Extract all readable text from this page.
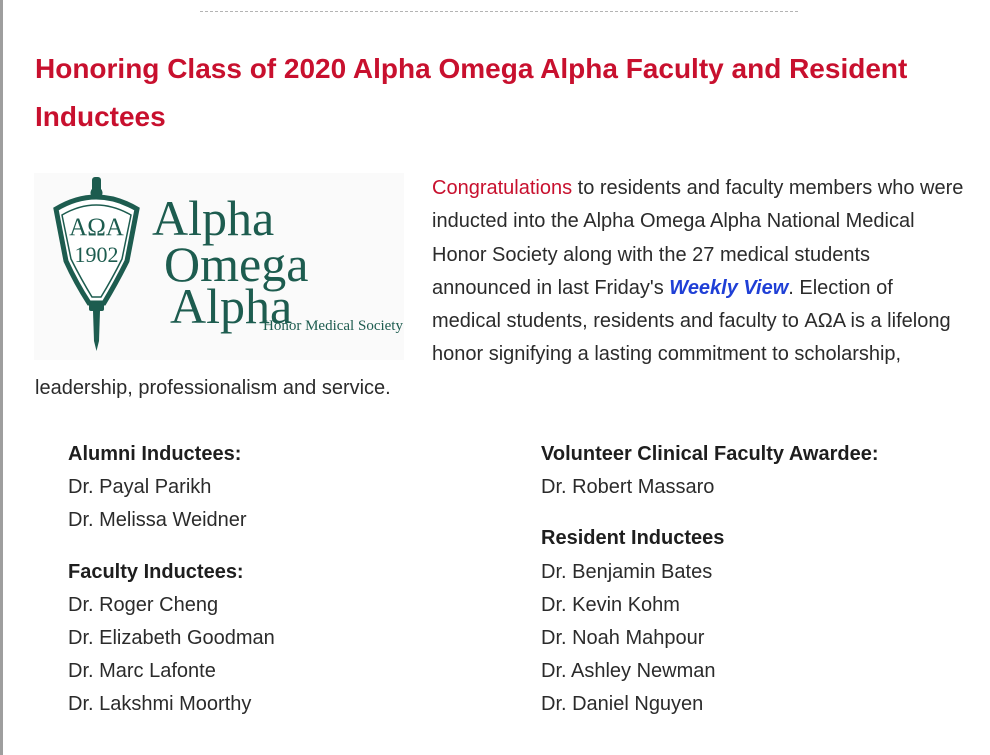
Honoring Class of 2020 Alpha Omega Alpha Faculty and Resident Inductees
ΑΩΑ
1902
Alpha
Omega
Alpha
Honor Medical Society

Congratulations to residents and faculty members who were inducted into the Alpha Omega Alpha National Medical Honor Society along with the 27 medical students announced in last Friday's Weekly View. Election of medical students, residents and faculty to ΑΩΑ is a lifelong honor signifying a lasting commitment to scholarship, leadership, professionalism and service.

Alumni Inductees:
Dr. Payal Parikh
Dr. Melissa Weidner
Faculty Inductees:
Dr. Roger Cheng
Dr. Elizabeth Goodman
Dr. Marc Lafonte
Dr. Lakshmi Moorthy
Volunteer Clinical Faculty Awardee:
Dr. Robert Massaro
Resident Inductees
Dr. Benjamin Bates
Dr. Kevin Kohm
Dr. Noah Mahpour
Dr. Ashley Newman
Dr. Daniel Nguyen
